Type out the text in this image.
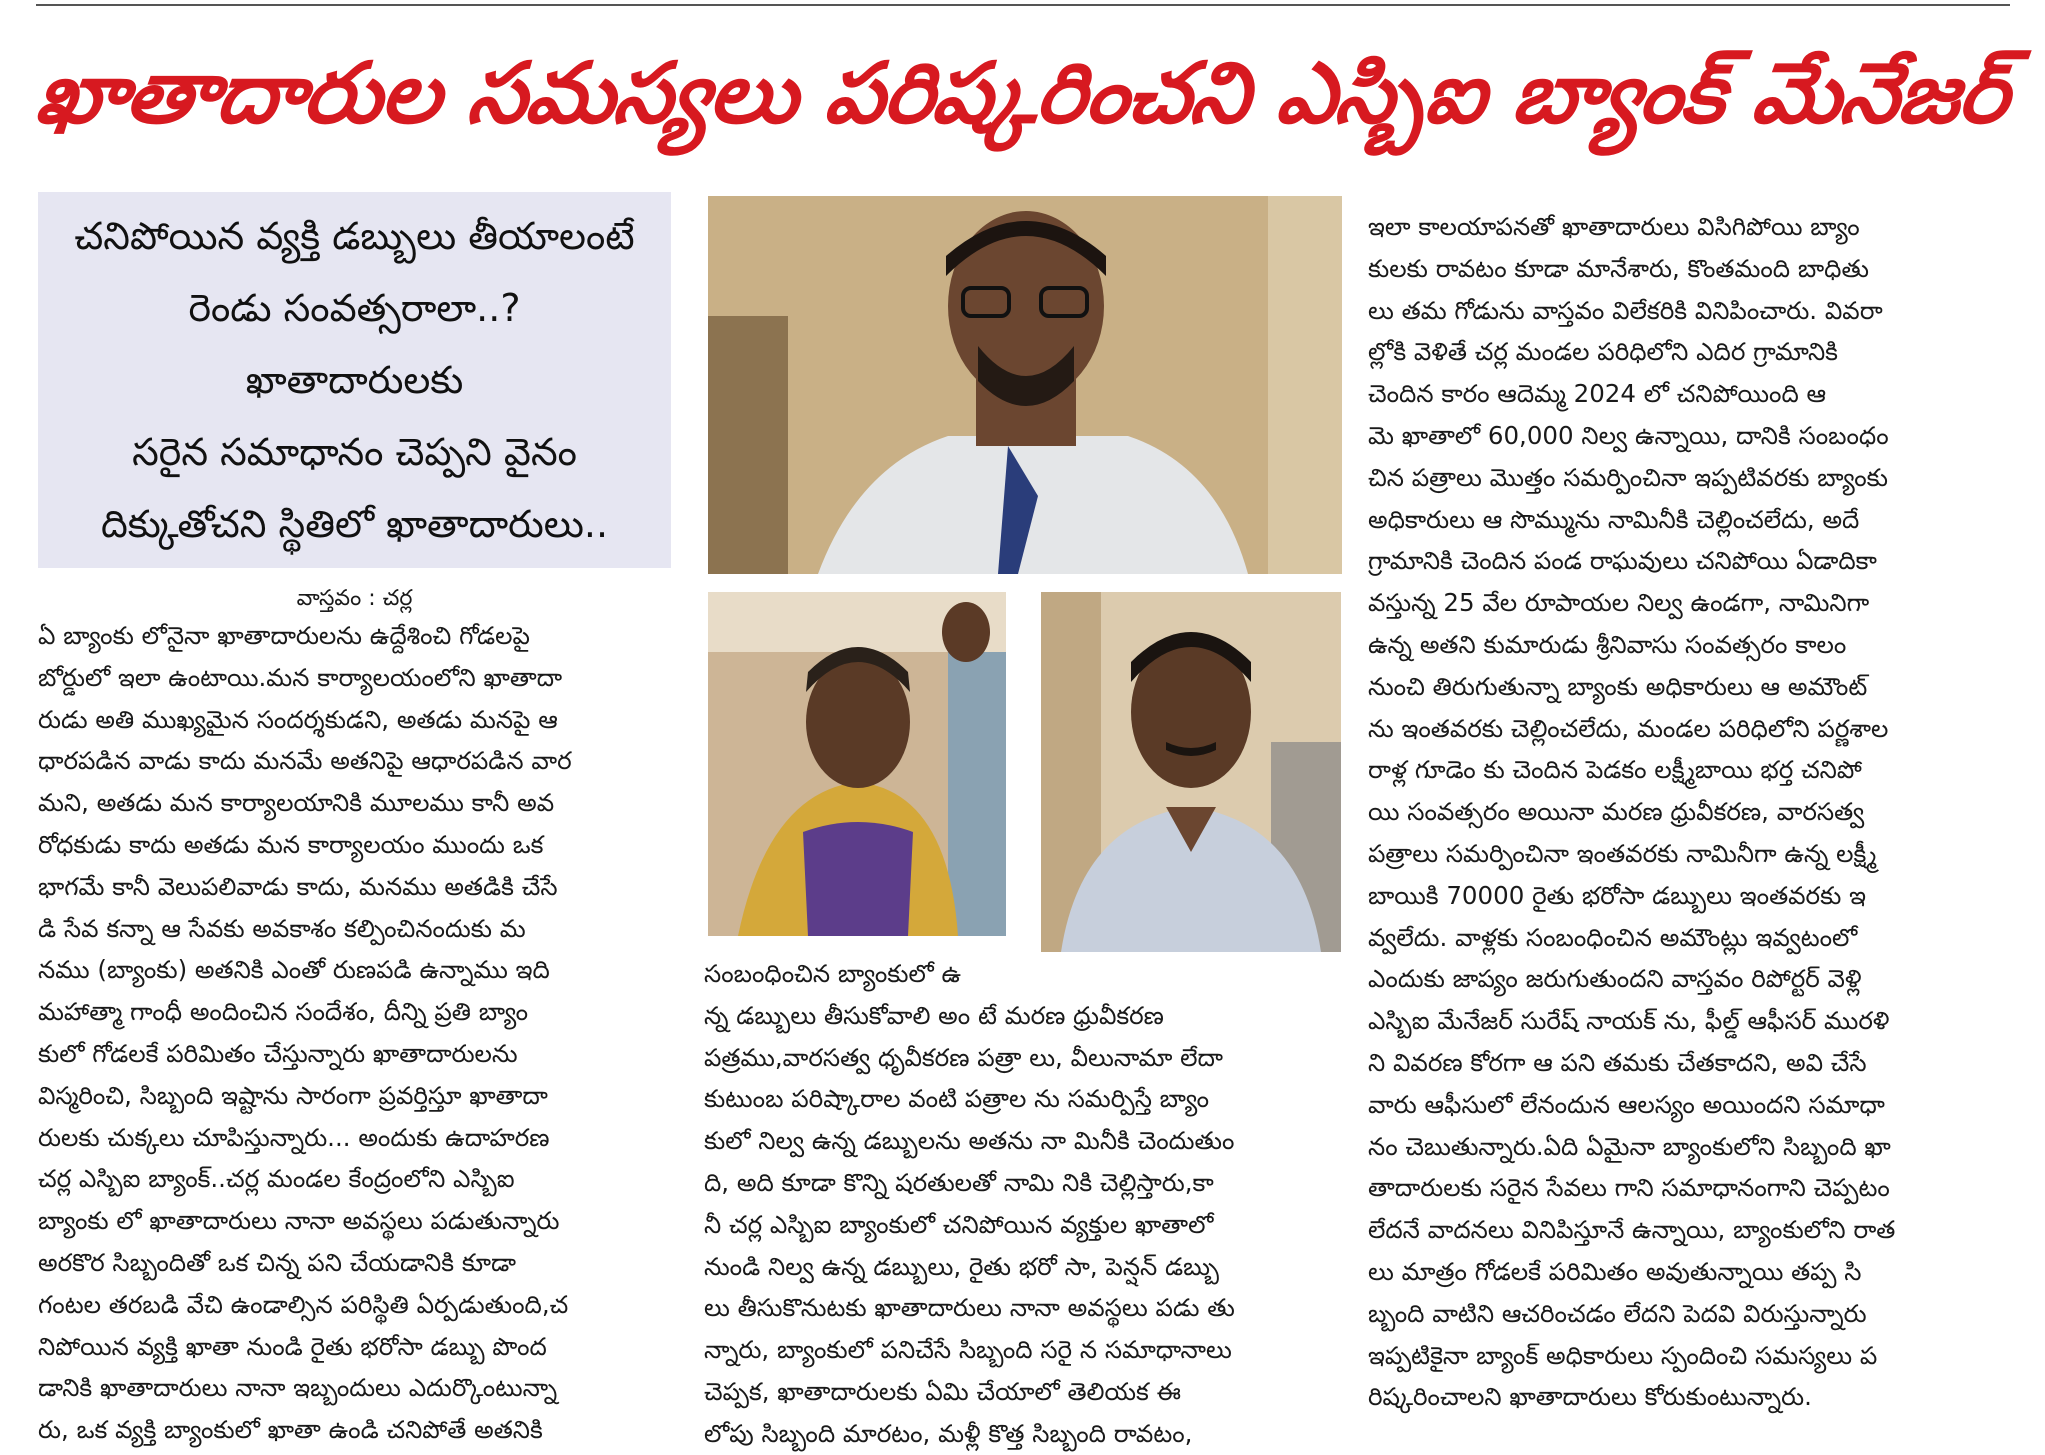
ఖాతాదారుల సమస్యలు పరిష్కరించని ఎస్బిఐ బ్యాంక్ మేనేజర్
చనిపోయిన వ్యక్తి డబ్బులు తీయాలంటే
రెండు సంవత్సరాలా..?
ఖాతాదారులకు
సరైన సమాధానం చెప్పని వైనం
దిక్కుతోచని స్థితిలో ఖాతాదారులు..
వాస్తవం : చర్ల
ఏ బ్యాంకు లోనైనా ఖాతాదారులను ఉద్దేశించి గోడలపై
బోర్డులో ఇలా ఉంటాయి.మన కార్యాలయంలోని ఖాతాదా
రుడు అతి ముఖ్యమైన సందర్శకుడని, అతడు మనపై ఆ
ధారపడిన వాడు కాదు మనమే అతనిపై ఆధారపడిన వార
మని, అతడు మన కార్యాలయానికి మూలము కానీ అవ
రోధకుడు కాదు అతడు మన కార్యాలయం ముందు ఒక
భాగమే కానీ వెలుపలివాడు కాదు, మనము అతడికి చేసే
డి సేవ కన్నా ఆ సేవకు అవకాశం కల్పించినందుకు మ
నము (బ్యాంకు) అతనికి ఎంతో రుణపడి ఉన్నాము ఇది
మహాత్మా గాంధీ అందించిన సందేశం, దీన్ని ప్రతి బ్యాం
కులో గోడలకే పరిమితం చేస్తున్నారు ఖాతాదారులను
విస్మరించి, సిబ్బంది ఇష్టాను సారంగా ప్రవర్తిస్తూ ఖాతాదా
రులకు చుక్కలు చూపిస్తున్నారు... అందుకు ఉదాహరణ
చర్ల ఎస్బిఐ బ్యాంక్..చర్ల మండల కేంద్రంలోని ఎస్బిఐ
బ్యాంకు లో ఖాతాదారులు నానా అవస్థలు పడుతున్నారు
అరకొర సిబ్బందితో ఒక చిన్న పని చేయడానికి కూడా
గంటల తరబడి వేచి ఉండాల్సిన పరిస్థితి ఏర్పడుతుంది,చ
నిపోయిన వ్యక్తి ఖాతా నుండి రైతు భరోసా డబ్బు పొంద
డానికి ఖాతాదారులు నానా ఇబ్బందులు ఎదుర్కొంటున్నా
రు, ఒక వ్యక్తి బ్యాంకులో ఖాతా ఉండి చనిపోతే అతనికి
సంబంధించిన బ్యాంకులో ఉ
న్న డబ్బులు తీసుకోవాలి అం టే మరణ ధ్రువీకరణ
పత్రము,వారసత్వ ధృవీకరణ పత్రా లు, వీలునామా లేదా
కుటుంబ పరిష్కారాల వంటి పత్రాల ను సమర్పిస్తే బ్యాం
కులో నిల్వ ఉన్న డబ్బులను అతను నా మినీకి చెందుతుం
ది, అది కూడా కొన్ని షరతులతో నామి నికి చెల్లిస్తారు,కా
నీ చర్ల ఎస్బిఐ బ్యాంకులో చనిపోయిన వ్యక్తుల ఖాతాలో
నుండి నిల్వ ఉన్న డబ్బులు, రైతు భరో సా, పెన్షన్ డబ్బు
లు తీసుకొనుటకు ఖాతాదారులు నానా అవస్థలు పడు తు
న్నారు, బ్యాంకులో పనిచేసే సిబ్బంది సరై న సమాధానాలు
చెప్పక, ఖాతాదారులకు ఏమి చేయాలో తెలియక ఈ
లోపు సిబ్బంది మారటం, మళ్లీ కొత్త సిబ్బంది రావటం,
ఇలా కాలయాపనతో ఖాతాదారులు విసిగిపోయి బ్యాం
కులకు రావటం కూడా మానేశారు, కొంతమంది బాధితు
లు తమ గోడును వాస్తవం విలేకరికి వినిపించారు. వివరా
ల్లోకి వెళితే చర్ల మండల పరిధిలోని ఎదిర గ్రామానికి
చెందిన కారం ఆదెమ్మ 2024 లో చనిపోయింది ఆ
మె ఖాతాలో 60,000 నిల్వ ఉన్నాయి, దానికి సంబంధం
చిన పత్రాలు మొత్తం సమర్పించినా ఇప్పటివరకు బ్యాంకు
అధికారులు ఆ సొమ్మును నామినీకి చెల్లించలేదు, అదే
గ్రామానికి చెందిన పండ రాఘవులు చనిపోయి ఏడాదికా
వస్తున్న 25 వేల రూపాయల నిల్వ ఉండగా, నామినిగా
ఉన్న అతని కుమారుడు శ్రీనివాసు సంవత్సరం కాలం
నుంచి తిరుగుతున్నా బ్యాంకు అధికారులు ఆ అమౌంట్
ను ఇంతవరకు చెల్లించలేదు, మండల పరిధిలోని పర్ణశాల
రాళ్ల గూడెం కు చెందిన పెడకం లక్ష్మీబాయి భర్త చనిపో
యి సంవత్సరం అయినా మరణ ధ్రువీకరణ, వారసత్వ
పత్రాలు సమర్పించినా ఇంతవరకు నామినీగా ఉన్న లక్ష్మీ
బాయికి 70000 రైతు భరోసా డబ్బులు ఇంతవరకు ఇ
వ్వలేదు. వాళ్లకు సంబంధించిన అమౌంట్లు ఇవ్వటంలో
ఎందుకు జాప్యం జరుగుతుందని వాస్తవం రిపోర్టర్ వెళ్లి
ఎస్బిఐ మేనేజర్ సురేష్ నాయక్ ను, ఫీల్డ్ ఆఫీసర్ మురళి
ని వివరణ కోరగా ఆ పని తమకు చేతకాదని, అవి చేసే
వారు ఆఫీసులో లేనందున ఆలస్యం అయిందని సమాధా
నం చెబుతున్నారు.ఏది ఏమైనా బ్యాంకులోని సిబ్బంది ఖా
తాదారులకు సరైన సేవలు గాని సమాధానంగాని చెప్పటం
లేదనే వాదనలు వినిపిస్తూనే ఉన్నాయి, బ్యాంకులోని రాత
లు మాత్రం గోడలకే పరిమితం అవుతున్నాయి తప్ప సి
బ్బంది వాటిని ఆచరించడం లేదని పెదవి విరుస్తున్నారు
ఇప్పటికైనా బ్యాంక్ అధికారులు స్పందించి సమస్యలు ప
రిష్కరించాలని ఖాతాదారులు కోరుకుంటున్నారు.
